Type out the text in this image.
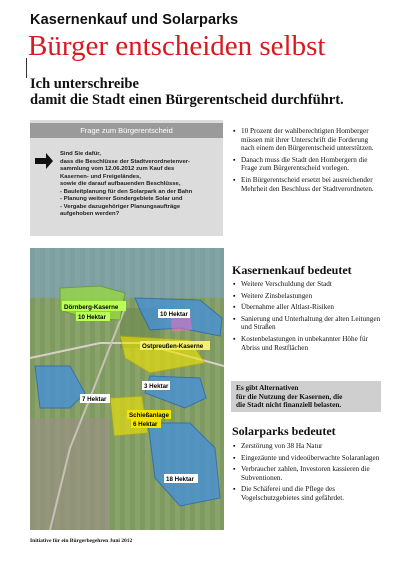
Kasernenkauf und Solarparks
Bürger entscheiden selbst
Ich unterschreibe
damit die Stadt einen Bürgerentscheid durchführt.
Frage zum Bürgerentscheid
Sind Sie dafür,
dass die Beschlüsse der Stadtverordnetenver-
sammlung vom 12.06.2012 zum Kauf des
Kasernen- und Freigeländes,
sowie die darauf aufbauenden Beschlüsse,
- Bauleitplanung für den Solarpark an der Bahn
- Planung weiterer Sondergebiete Solar und
- Vergabe dazugehöriger Planungsaufträge
aufgehoben werden?
▪ 10 Prozent der wahlberechtigten Homberger müssen mit ihrer Unterschrift die Forderung nach einem den Bürgerentscheid unterstützen.
▪ Danach muss die Stadt den Hombergern die Frage zum Bürgerentscheid vorlegen.
▪ Ein Bürgerentscheid ersetzt bei ausreichender Mehrheit den Beschluss der Stadtverordneten.
Kasernenkauf bedeutet
▪ Weitere Verschuldung der Stadt
▪ Weitere Zinsbelastungen
▪ Übernahme aller Altlast-Risiken
▪ Sanierung und Unterhaltung der alten Leitungen und Straßen
▪ Kostenbelastungen in unbekannter Höhe für Abriss und Restflächen
Es gibt Alternativen
für die Nutzung der Kasernen, die
die Stadt nicht finanziell belasten.
Solarparks bedeutet
▪ Zerstörung von 38 Ha Natur
▪ Eingezäunte und videoüberwachte Solaranlagen
▪ Verbraucher zahlen, Investoren kassieren die Subventionen.
▪ Die Schäferei und die Pflege des Vogelschutzgebietes sind gefährdet.
Dörnberg-Kaserne
10 Hektar	10 Hektar
Ostpreußen-Kaserne
3 Hektar
7 Hektar
Schießanlage
6 Hektar
18 Hektar
Initiative für ein Bürgerbegehren Juni 2012
